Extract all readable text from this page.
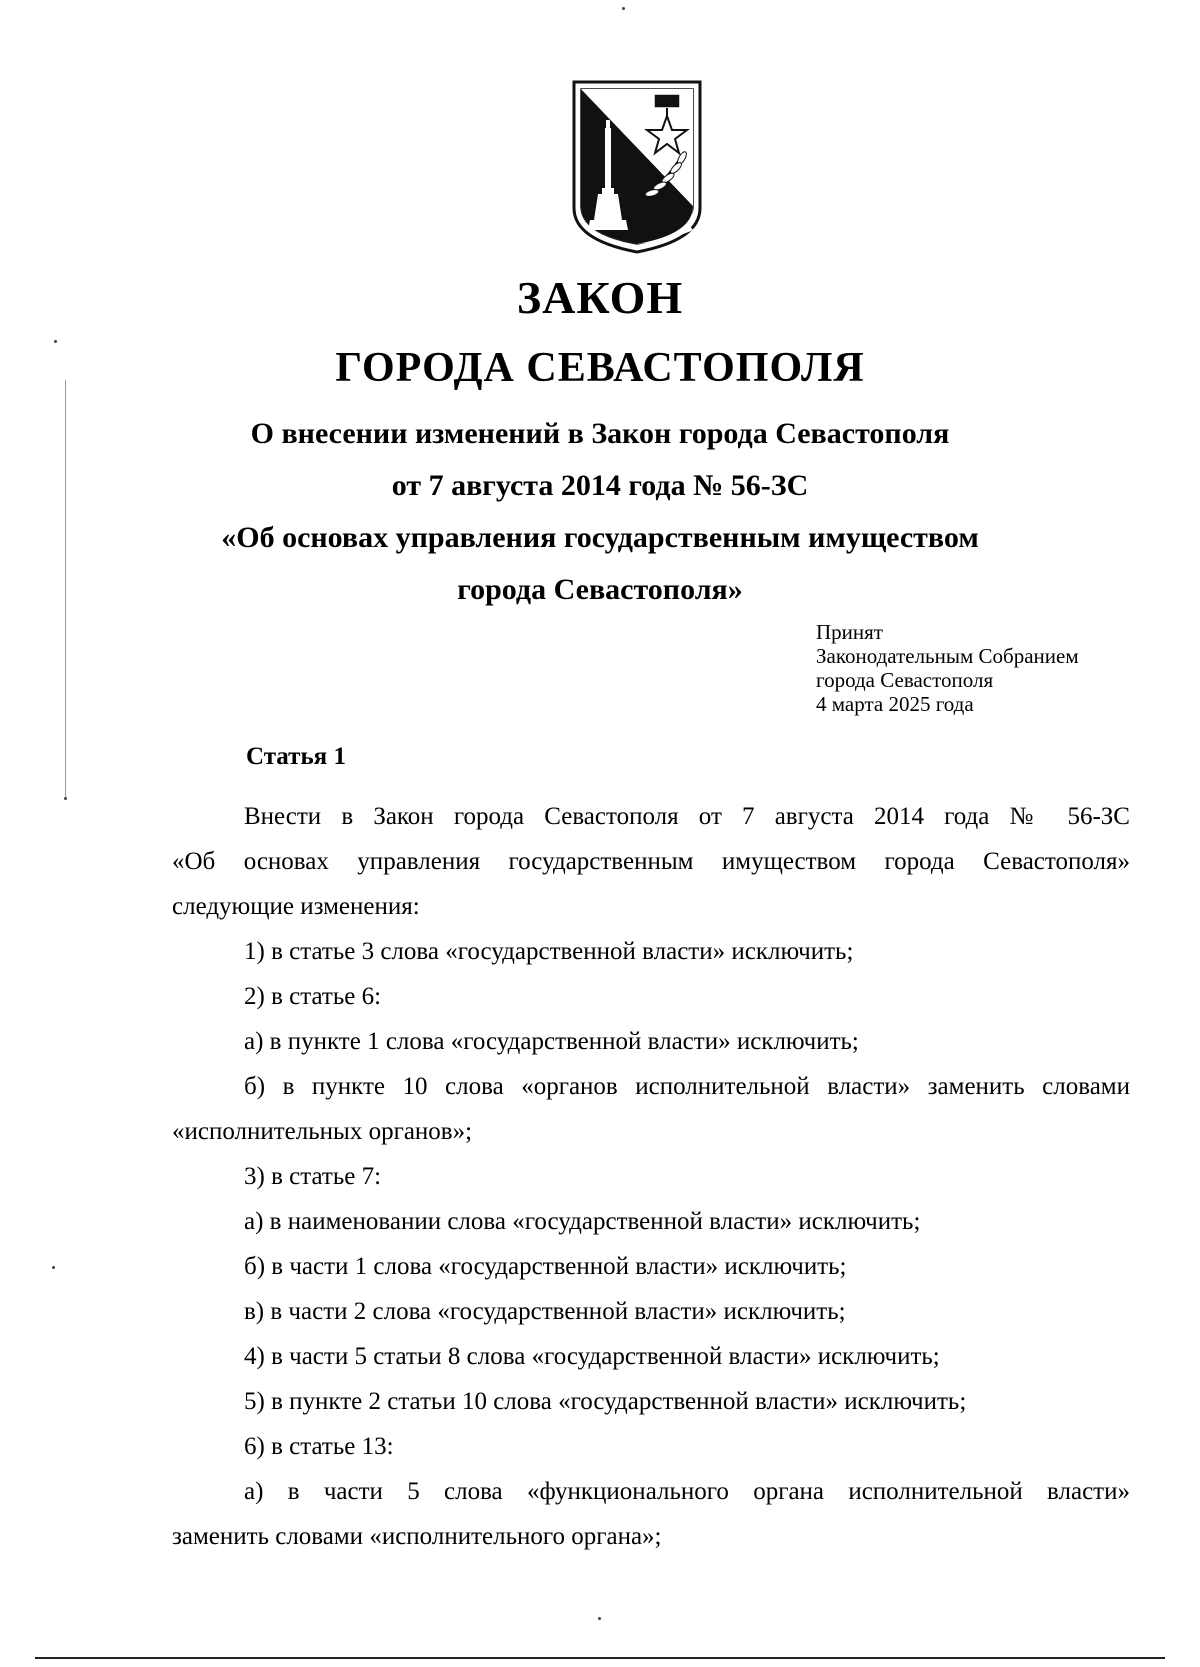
ЗАКОН
ГОРОДА СЕВАСТОПОЛЯ
О внесении изменений в Закон города Севастополя
от 7 августа 2014 года № 56-ЗС
«Об основах управления государственным имуществом
города Севастополя»
Принят
Законодательным Собранием
города Севастополя
4 марта 2025 года
Статья 1
Внести в Закон города Севастополя от 7 августа 2014 года № 56-ЗС
«Об основах управления государственным имуществом города Севастополя»
следующие изменения:
1) в статье 3 слова «государственной власти» исключить;
2) в статье 6:
а) в пункте 1 слова «государственной власти» исключить;
б) в пункте 10 слова «органов исполнительной власти» заменить словами
«исполнительных органов»;
3) в статье 7:
а) в наименовании слова «государственной власти» исключить;
б) в части 1 слова «государственной власти» исключить;
в) в части 2 слова «государственной власти» исключить;
4) в части 5 статьи 8 слова «государственной власти» исключить;
5) в пункте 2 статьи 10 слова «государственной власти» исключить;
6) в статье 13:
а) в части 5 слова «функционального органа исполнительной власти»
заменить словами «исполнительного органа»;
